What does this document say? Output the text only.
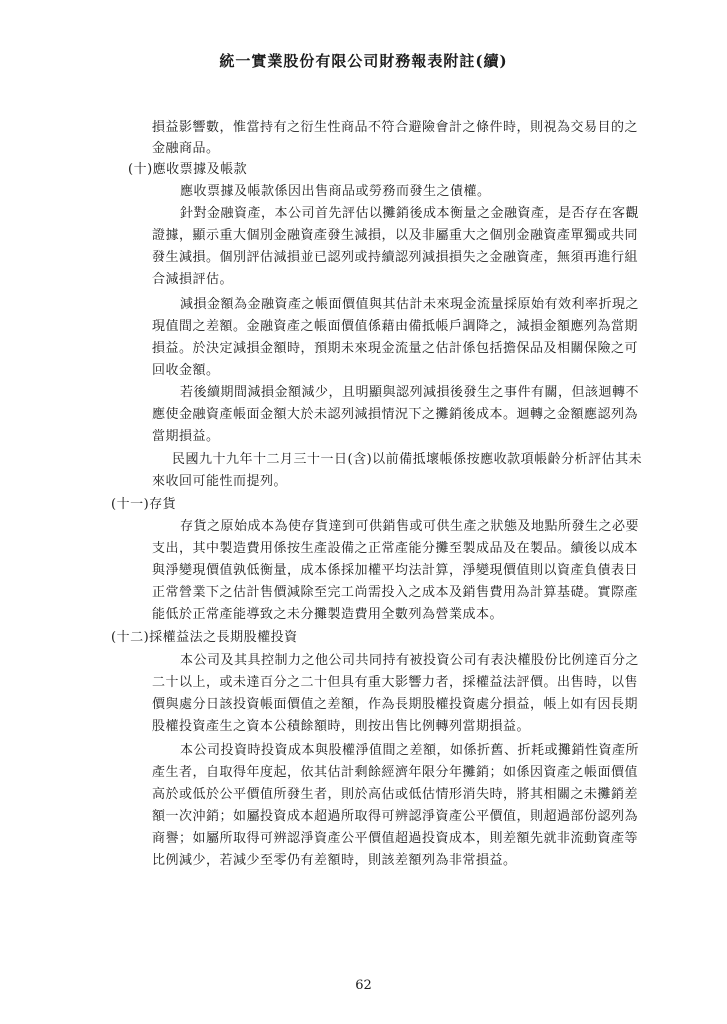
統一實業股份有限公司財務報表附註(續)
損益影響數，惟當持有之衍生性商品不符合避險會計之條件時，則視為交易目的之
金融商品。
(十)應收票據及帳款
應收票據及帳款係因出售商品或勞務而發生之債權。
針對金融資產，本公司首先評估以攤銷後成本衡量之金融資產，是否存在客觀
證據，顯示重大個別金融資產發生減損，以及非屬重大之個別金融資產單獨或共同
發生減損。個別評估減損並已認列或持續認列減損損失之金融資產，無須再進行組
合減損評估。
減損金額為金融資產之帳面價值與其估計未來現金流量採原始有效利率折現之
現值間之差額。金融資產之帳面價值係藉由備抵帳戶調降之，減損金額應列為當期
損益。於決定減損金額時，預期未來現金流量之估計係包括擔保品及相關保險之可
回收金額。
若後續期間減損金額減少，且明顯與認列減損後發生之事件有關，但該迴轉不
應使金融資產帳面金額大於未認列減損情況下之攤銷後成本。迴轉之金額應認列為
當期損益。
民國九十九年十二月三十一日(含)以前備抵壞帳係按應收款項帳齡分析評估其未
來收回可能性而提列。
(十一)存貨
存貨之原始成本為使存貨達到可供銷售或可供生產之狀態及地點所發生之必要
支出，其中製造費用係按生產設備之正常產能分攤至製成品及在製品。續後以成本
與淨變現價值孰低衡量，成本係採加權平均法計算，淨變現價值則以資產負債表日
正常營業下之估計售價減除至完工尚需投入之成本及銷售費用為計算基礎。實際產
能低於正常產能導致之未分攤製造費用全數列為營業成本。
(十二)採權益法之長期股權投資
本公司及其具控制力之他公司共同持有被投資公司有表決權股份比例達百分之
二十以上，或未達百分之二十但具有重大影響力者，採權益法評價。出售時，以售
價與處分日該投資帳面價值之差額，作為長期股權投資處分損益，帳上如有因長期
股權投資產生之資本公積餘額時，則按出售比例轉列當期損益。
本公司投資時投資成本與股權淨值間之差額，如係折舊、折耗或攤銷性資產所
產生者，自取得年度起，依其估計剩餘經濟年限分年攤銷；如係因資產之帳面價值
高於或低於公平價值所發生者，則於高估或低估情形消失時，將其相關之未攤銷差
額一次沖銷；如屬投資成本超過所取得可辨認淨資產公平價值，則超過部份認列為
商譽；如屬所取得可辨認淨資產公平價值超過投資成本，則差額先就非流動資產等
比例減少，若減少至零仍有差額時，則該差額列為非常損益。
62
